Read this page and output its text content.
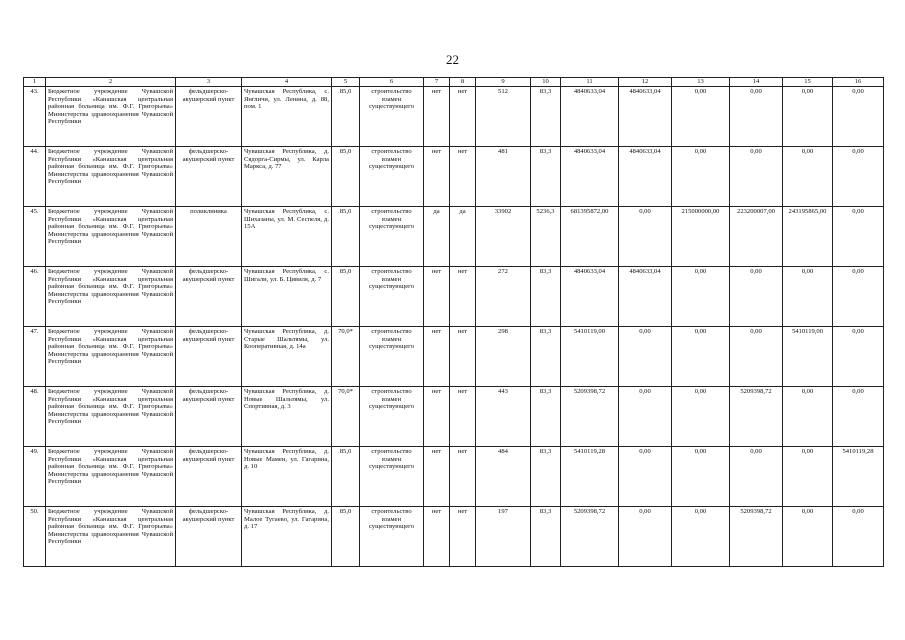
22
1	2	3	4	5	6	7	8	9	10	11	12	13	14	15	16
43.	Бюджетное учреждение Чувашской Республики «Канашская центральная районная больница им. Ф.Г. Григорьева» Министерства здравоохранения Чувашской Республики	фельдшерско-акушерский пункт	Чувашская Республика, с. Янгличи, ул. Ленина, д. 88, пом. 1	85,0	строительство взамен существующего	нет	нет	512	83,3	4840633,04	4840633,04	0,00	0,00	0,00	0,00
44.	Бюджетное учреждение Чувашской Республики «Канашская центральная районная больница им. Ф.Г. Григорьева» Министерства здравоохранения Чувашской Республики	фельдшерско-акушерский пункт	Чувашская Республика, д. Сядорга-Сирмы, ул. Карла Маркса, д. 77	85,0	строительство взамен существующего	нет	нет	481	83,3	4840633,04	4840633,04	0,00	0,00	0,00	0,00
45.	Бюджетное учреждение Чувашской Республики «Канашская центральная районная больница им. Ф.Г. Григорьева» Министерства здравоохранения Чувашской Республики	поликлиника	Чувашская Республика, с. Шихазаны, ул. М. Сеспеля, д. 15А	85,0	строительство взамен существующего	да	да	33902	5236,3	681395872,00	0,00	215000000,00	223200007,00	243195865,00	0,00
46.	Бюджетное учреждение Чувашской Республики «Канашская центральная районная больница им. Ф.Г. Григорьева» Министерства здравоохранения Чувашской Республики	фельдшерско-акушерский пункт	Чувашская Республика, с. Шигали, ул. Б. Цивиля, д. 7	85,0	строительство взамен существующего	нет	нет	272	83,3	4840633,04	4840633,04	0,00	0,00	0,00	0,00
47.	Бюджетное учреждение Чувашской Республики «Канашская центральная районная больница им. Ф.Г. Григорьева» Министерства здравоохранения Чувашской Республики	фельдшерско-акушерский пункт	Чувашская Республика, д. Старые Шальтямы, ул. Кооперативная, д. 14а	70,0*	строительство взамен существующего	нет	нет	298	83,3	5410119,00	0,00	0,00	0,00	5410119,00	0,00
48.	Бюджетное учреждение Чувашской Республики «Канашская центральная районная больница им. Ф.Г. Григорьева» Министерства здравоохранения Чувашской Республики	фельдшерско-акушерский пункт	Чувашская Республика, д. Новые Шальтямы, ул. Спортивная, д. 3	70,0*	строительство взамен существующего	нет	нет	443	83,3	5209398,72	0,00	0,00	5209398,72	0,00	0,00
49.	Бюджетное учреждение Чувашской Республики «Канашская центральная районная больница им. Ф.Г. Григорьева» Министерства здравоохранения Чувашской Республики	фельдшерско-акушерский пункт	Чувашская Республика, д. Новые Мамеи, ул. Гагарина, д. 10	85,0	строительство взамен существующего	нет	нет	484	83,3	5410119,28	0,00	0,00	0,00	0,00	5410119,28
50.	Бюджетное учреждение Чувашской Республики «Канашская центральная районная больница им. Ф.Г. Григорьева» Министерства здравоохранения Чувашской Республики	фельдшерско-акушерский пункт	Чувашская Республика, д. Малое Тугаево, ул. Гагарина, д. 17	85,0	строительство взамен существующего	нет	нет	197	83,3	5209398,72	0,00	0,00	5209398,72	0,00	0,00
